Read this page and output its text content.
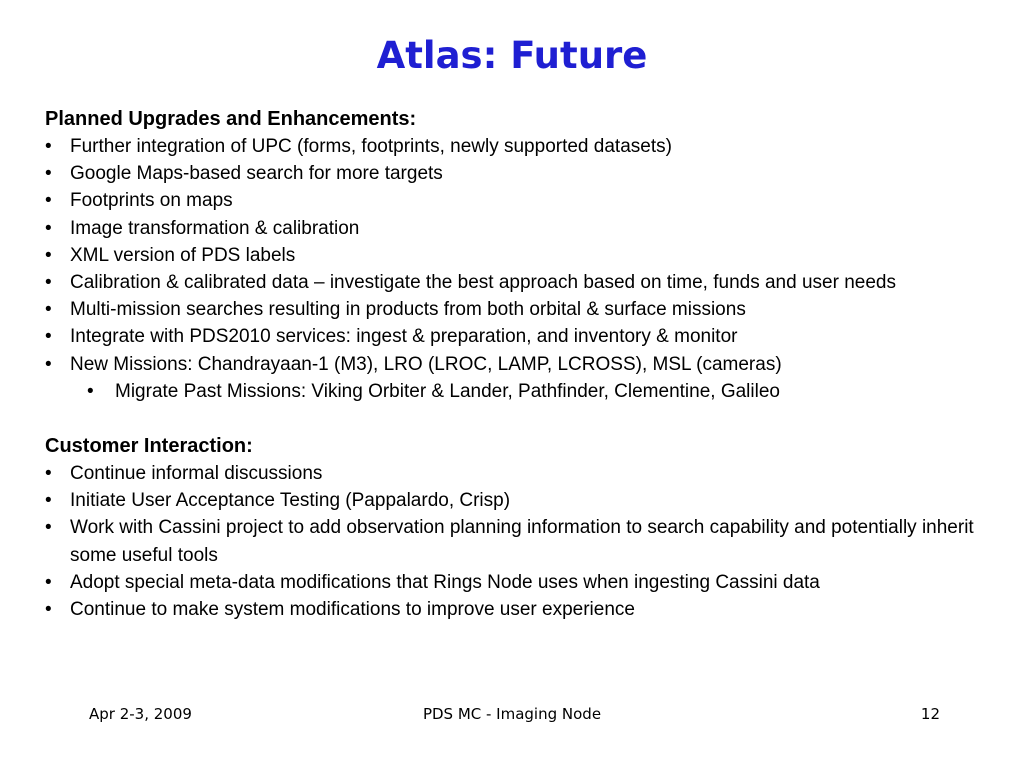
Atlas: Future

Planned Upgrades and Enhancements:

• Further integration of UPC (forms, footprints, newly supported datasets)
• Google Maps-based search for more targets
• Footprints on maps
• Image transformation & calibration
• XML version of PDS labels
• Calibration & calibrated data – investigate the best approach based on time, funds and user needs
• Multi-mission searches resulting in products from both orbital & surface missions
• Integrate with PDS2010 services: ingest & preparation, and inventory & monitor
• New Missions: Chandrayaan-1 (M3), LRO (LROC, LAMP, LCROSS), MSL (cameras)
•	Migrate Past Missions: Viking Orbiter & Lander, Pathfinder, Clementine, Galileo

Customer Interaction:

• Continue informal discussions
• Initiate User Acceptance Testing (Pappalardo, Crisp)
• Work with Cassini project to add observation planning information to search capability and potentially inherit some useful tools
• Adopt special meta-data modifications that Rings Node uses when ingesting Cassini data
• Continue to make system modifications to improve user experience
Apr 2-3, 2009	PDS MC - Imaging Node	12
